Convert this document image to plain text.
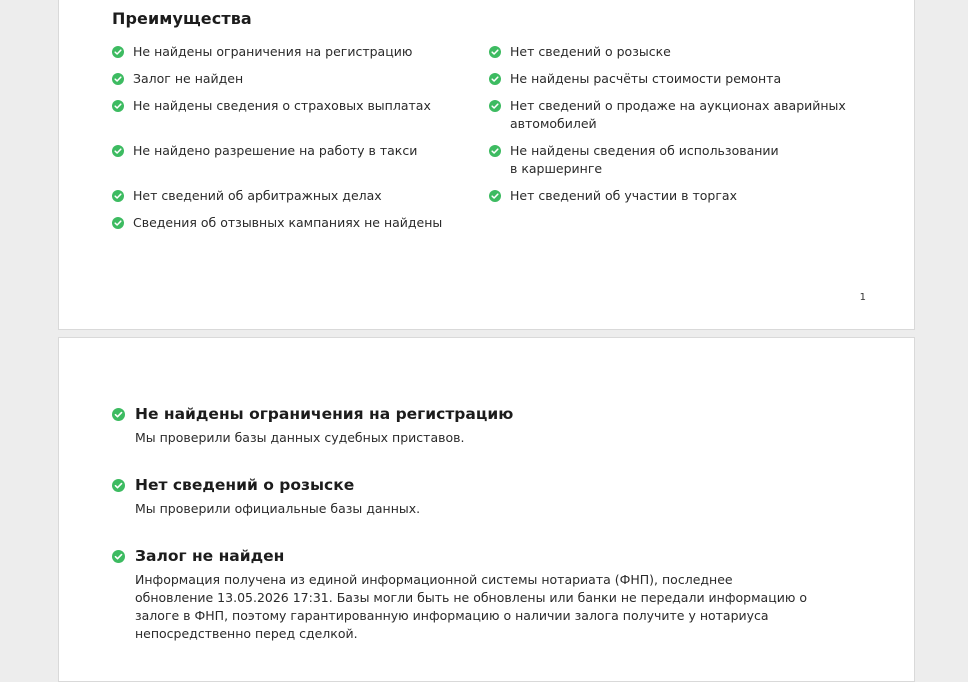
Преимущества
Не найдены ограничения на регистрацию
Залог не найден
Не найдены сведения о страховых выплатах
Не найдено разрешение на работу в такси
Нет сведений об арбитражных делах
Сведения об отзывных кампаниях не найдены
Нет сведений о розыске
Не найдены расчёты стоимости ремонта
Нет сведений о продаже на аукционах аварийных
автомобилей
Не найдены сведения об использовании
в каршеринге
Нет сведений об участии в торгах
1
Не найдены ограничения на регистрацию

Мы проверили базы данных судебных приставов.

Нет сведений о розыске

Мы проверили официальные базы данных.

Залог не найден

Информация получена из единой информационной системы нотариата (ФНП), последнее
обновление 13.05.2026 17:31. Базы могли быть не обновлены или банки не передали информацию о
залоге в ФНП, поэтому гарантированную информацию о наличии залога получите у нотариуса
непосредственно перед сделкой.
